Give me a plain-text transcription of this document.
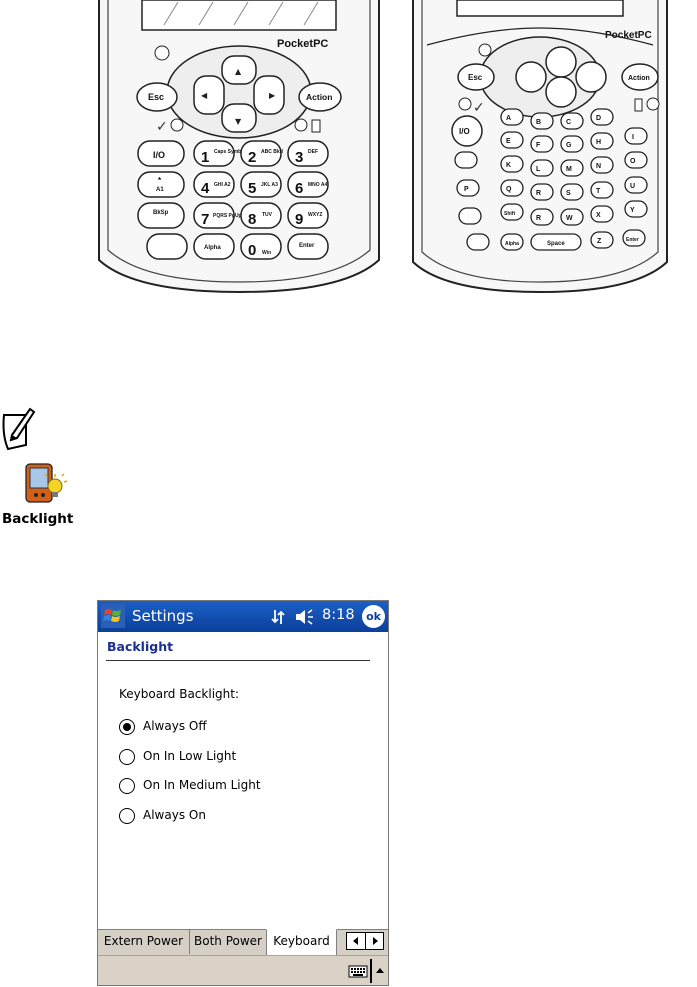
PocketPC
▲
▼
◀	▶
Esc	Action
✓
I/O 1 Caps Symb 2 ABC Bkrl 3 DEF
*
A1 4 GHI A2 5 JKL A3 6 MNO A4
BkSp 7 PQRS PgUp 8 TUV 9 WXYZ
Alpha 0 Win
Enter
PocketPC
Esc	Action
✓
I/O
A
B	C
D
E
F	G	H
I
K
L	M	N
O
P	Q
R	S	T
U
Shift
R	W	X
Y
Alpha	Space	Z	Enter
Backlight
Settings	8:18	ok
Backlight
Keyboard Backlight:
Always Off
On In Low Light
On In Medium Light
Always On
Extern Power Both Power Keyboard
